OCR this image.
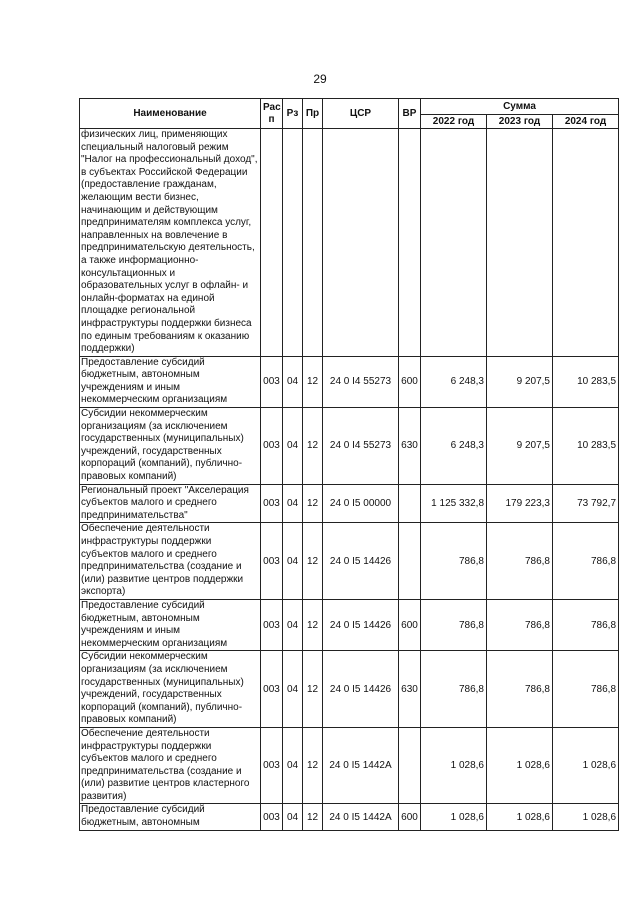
29
Наименование	Рас п	Рз	Пр	ЦСР	ВР	Сумма		
						2022 год	2023 год	2024 год
физических лиц, применяющих специальный налоговый режим "Налог на профессиональный доход", в субъектах Российской Федерации (предоставление гражданам, желающим вести бизнес, начинающим и действующим предпринимателям комплекса услуг, направленных на вовлечение в предпринимательскую деятельность, а также информационно-консультационных и образовательных услуг в офлайн- и онлайн-форматах на единой площадке региональной инфраструктуры поддержки бизнеса по единым требованиям к оказанию поддержки)								
Предоставление субсидий бюджетным, автономным учреждениям и иным некоммерческим организациям	003	04	12	24 0 I4 55273	600	6 248,3	9 207,5	10 283,5
Субсидии некоммерческим организациям (за исключением государственных (муниципальных) учреждений, государственных корпораций (компаний), публично-правовых компаний)	003	04	12	24 0 I4 55273	630	6 248,3	9 207,5	10 283,5
Региональный проект "Акселерация субъектов малого и среднего предпринимательства"	003	04	12	24 0 I5 00000		1 125 332,8	179 223,3	73 792,7
Обеспечение деятельности инфраструктуры поддержки субъектов малого и среднего предпринимательства (создание и (или) развитие центров поддержки экспорта)	003	04	12	24 0 I5 14426		786,8	786,8	786,8
Предоставление субсидий бюджетным, автономным учреждениям и иным некоммерческим организациям	003	04	12	24 0 I5 14426	600	786,8	786,8	786,8
Субсидии некоммерческим организациям (за исключением государственных (муниципальных) учреждений, государственных корпораций (компаний), публично-правовых компаний)	003	04	12	24 0 I5 14426	630	786,8	786,8	786,8
Обеспечение деятельности инфраструктуры поддержки субъектов малого и среднего предпринимательства (создание и (или) развитие центров кластерного развития)	003	04	12	24 0 I5 1442A		1 028,6	1 028,6	1 028,6
Предоставление субсидий бюджетным, автономным	003	04	12	24 0 I5 1442A	600	1 028,6	1 028,6	1 028,6
